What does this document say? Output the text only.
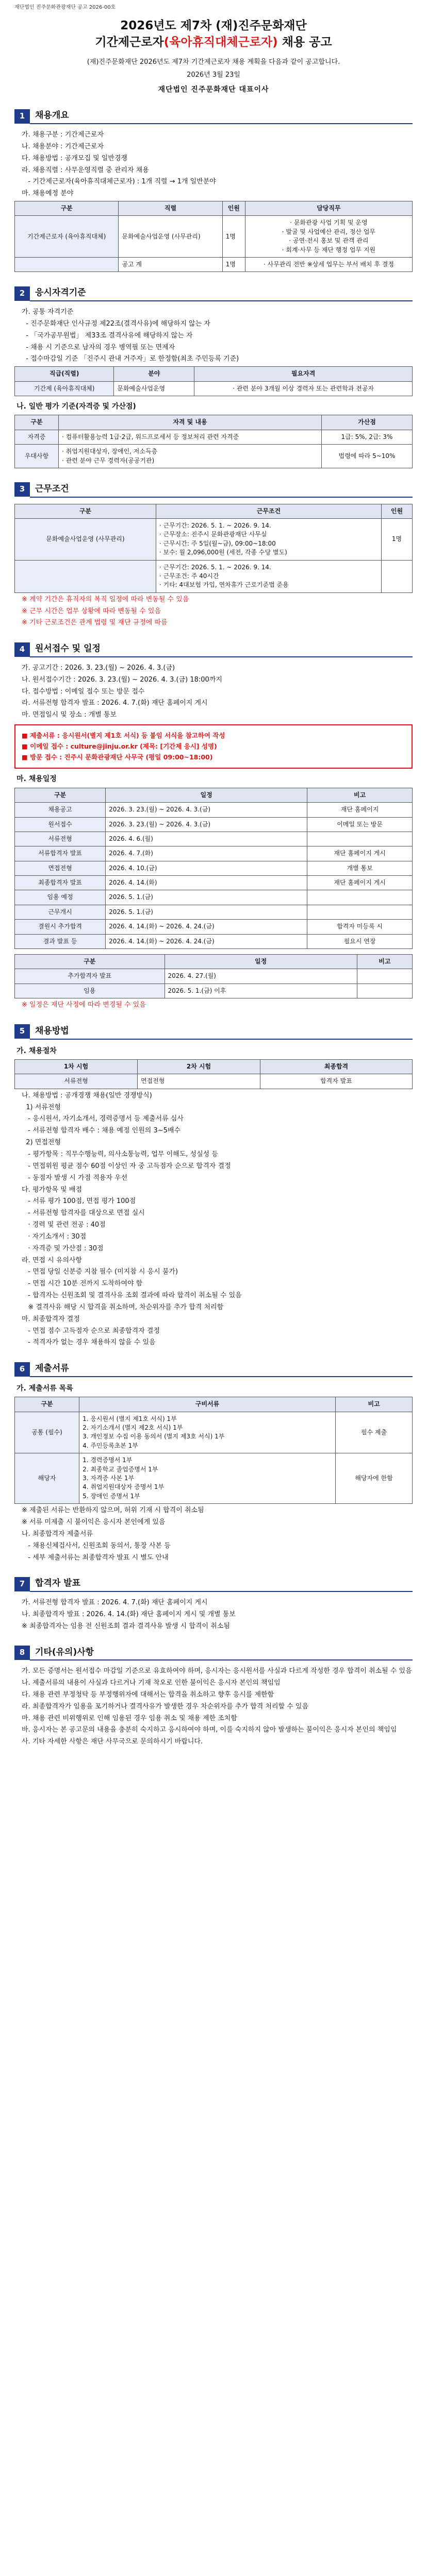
재단법인 진주문화관광재단 공고 2026-00호
2026년도 제7차 (재)진주문화재단
기간제근로자(육아휴직대체근로자) 채용 공고
(재)진주문화재단 2026년도 제7차 기간제근로자 채용 계획을 다음과 같이 공고합니다.
2026년 3월 23일
재단법인 진주문화재단 대표이사
1	채용개요
가. 채용구분 : 기간제근로자
나. 채용분야 : 기간제근로자
다. 채용방법 : 공개모집 및 일반경쟁
라. 채용직렬 : 사무운영직렬 중 관리자 채용
- 기간제근로자(육아휴직대체근로자) : 1개 직렬 → 1개 일반분야
마. 채용예정 분야
구분	직렬	인원	담당직무
기간제근로자 (육아휴직대체)	문화예술사업운영 (사무관리)	1명	· 문화관광 사업 기획 및 운영
· 발굴 및 사업예산 관리, 정산 업무
· 공연·전시 홍보 및 관객 관리
· 회계·사무 등 재단 행정 업무 지원
	공고 계	1명	· 사무관리 전반 ※상세 업무는 부서 배치 후 결정
2	응시자격기준
가. 공통 자격기준
- 진주문화재단 인사규정 제22조(결격사유)에 해당하지 않는 자
- 「국가공무원법」 제33조 결격사유에 해당하지 않는 자
- 채용 시 기준으로 남자의 경우 병역필 또는 면제자
- 접수마감일 기준 「진주시 관내 거주자」로 한정함(최초 주민등록 기준)
직급(직렬)	분야	필요자격
기간제 (육아휴직대체)	문화예술사업운영	· 관련 분야 3개월 이상 경력자 또는 관련학과 전공자
나. 일반 평가 기준(자격증 및 가산점)
구분	자격 및 내용	가산점
자격증	· 컴퓨터활용능력 1급·2급, 워드프로세서 등 정보처리 관련 자격증	1급: 5%, 2급: 3%
우대사항	· 취업지원대상자, 장애인, 저소득층
· 관련 분야 근무 경력자(공공기관)	법령에 따라 5~10%
3	근무조건
구분	근무조건	인원
문화예술사업운영 (사무관리)	· 근무기간: 2026. 5. 1. ~ 2026. 9. 14.
· 근무장소: 진주시 문화관광재단 사무실
· 근무시간: 주 5일(월~금), 09:00~18:00
· 보수: 월 2,096,000원 (세전, 각종 수당 별도)	1명
	· 근무기간: 2026. 5. 1. ~ 2026. 9. 14.
· 근무조건: 주 40시간
· 기타: 4대보험 가입, 연차휴가 근로기준법 준용	
※ 계약 기간은 휴직자의 복직 일정에 따라 변동될 수 있음
※ 근무 시간은 업무 상황에 따라 변동될 수 있음
※ 기타 근로조건은 관계 법령 및 재단 규정에 따름
4	원서접수 및 일정
가. 공고기간 : 2026. 3. 23.(월) ~ 2026. 4. 3.(금)
나. 원서접수기간 : 2026. 3. 23.(월) ~ 2026. 4. 3.(금) 18:00까지
다. 접수방법 : 이메일 접수 또는 방문 접수
라. 서류전형 합격자 발표 : 2026. 4. 7.(화) 재단 홈페이지 게시
마. 면접일시 및 장소 : 개별 통보
■ 제출서류 : 응시원서(별지 제1호 서식) 등 붙임 서식을 참고하여 작성
■ 이메일 접수 : culture@jinju.or.kr (제목: [기간제 응시] 성명)
■ 방문 접수 : 진주시 문화관광재단 사무국 (평일 09:00~18:00)
마. 채용일정
구분	일정	비고
채용공고	2026. 3. 23.(월) ~ 2026. 4. 3.(금)	재단 홈페이지
원서접수	2026. 3. 23.(월) ~ 2026. 4. 3.(금)	이메일 또는 방문
서류전형	2026. 4. 6.(월)	
서류합격자 발표	2026. 4. 7.(화)	재단 홈페이지 게시
면접전형	2026. 4. 10.(금)	개별 통보
최종합격자 발표	2026. 4. 14.(화)	재단 홈페이지 게시
임용 예정	2026. 5. 1.(금)	
근무개시	2026. 5. 1.(금)	
결원시 추가합격	2026. 4. 14.(화) ~ 2026. 4. 24.(금)	합격자 미등록 시
결과 발표 등	2026. 4. 14.(화) ~ 2026. 4. 24.(금)	필요시 연장
구분	일정	비고
추가합격자 발표	2026. 4. 27.(월)	
임용	2026. 5. 1.(금) 이후	
※ 일정은 재단 사정에 따라 변경될 수 있음
5	채용방법
가. 채용절차
1차 시험	2차 시험	최종합격
서류전형	면접전형	합격자 발표
나. 채용방법 : 공개경쟁 채용(일반 경쟁방식)
1) 서류전형
- 응시원서, 자기소개서, 경력증명서 등 제출서류 심사
- 서류전형 합격자 배수 : 채용 예정 인원의 3~5배수
2) 면접전형
- 평가항목 : 직무수행능력, 의사소통능력, 업무 이해도, 성실성 등
- 면접위원 평균 점수 60점 이상인 자 중 고득점자 순으로 합격자 결정
- 동점자 발생 시 가점 적용자 우선
다. 평가항목 및 배점
- 서류 평가 100점, 면접 평가 100점
- 서류전형 합격자를 대상으로 면접 실시
· 경력 및 관련 전공 : 40점
· 자기소개서 : 30점
· 자격증 및 가산점 : 30점
라. 면접 시 유의사항
- 면접 당일 신분증 지참 필수 (미지참 시 응시 불가)
- 면접 시간 10분 전까지 도착하여야 함
- 합격자는 신원조회 및 결격사유 조회 결과에 따라 합격이 취소될 수 있음
※ 결격사유 해당 시 합격을 취소하며, 차순위자를 추가 합격 처리함
마. 최종합격자 결정
- 면접 점수 고득점자 순으로 최종합격자 결정
- 적격자가 없는 경우 채용하지 않을 수 있음
6	제출서류
가. 제출서류 목록
구분	구비서류	비고
공통 (필수)	1. 응시원서 (별지 제1호 서식) 1부
2. 자기소개서 (별지 제2호 서식) 1부
3. 개인정보 수집 이용 동의서 (별지 제3호 서식) 1부
4. 주민등록초본 1부	필수 제출
해당자	1. 경력증명서 1부
2. 최종학교 졸업증명서 1부
3. 자격증 사본 1부
4. 취업지원대상자 증명서 1부
5. 장애인 증명서 1부	해당자에 한함
※ 제출된 서류는 반환하지 않으며, 허위 기재 시 합격이 취소됨
※ 서류 미제출 시 불이익은 응시자 본인에게 있음
나. 최종합격자 제출서류
- 채용신체검사서, 신원조회 동의서, 통장 사본 등
- 세부 제출서류는 최종합격자 발표 시 별도 안내
7	합격자 발표
가. 서류전형 합격자 발표 : 2026. 4. 7.(화) 재단 홈페이지 게시
나. 최종합격자 발표 : 2026. 4. 14.(화) 재단 홈페이지 게시 및 개별 통보
※ 최종합격자는 임용 전 신원조회 결과 결격사유 발생 시 합격이 취소됨
8	기타(유의)사항
가. 모든 증명서는 원서접수 마감일 기준으로 유효하여야 하며, 응시자는 응시원서를 사실과 다르게 작성한 경우 합격이 취소될 수 있음
나. 제출서류의 내용이 사실과 다르거나 기재 착오로 인한 불이익은 응시자 본인의 책임임
다. 채용 관련 부정청탁 등 부정행위자에 대해서는 합격을 취소하고 향후 응시를 제한함
라. 최종합격자가 임용을 포기하거나 결격사유가 발생한 경우 차순위자를 추가 합격 처리할 수 있음
마. 채용 관련 비위행위로 인해 임용된 경우 임용 취소 및 채용 제한 조치함
바. 응시자는 본 공고문의 내용을 충분히 숙지하고 응시하여야 하며, 이를 숙지하지 않아 발생하는 불이익은 응시자 본인의 책임임
사. 기타 자세한 사항은 재단 사무국으로 문의하시기 바랍니다.
